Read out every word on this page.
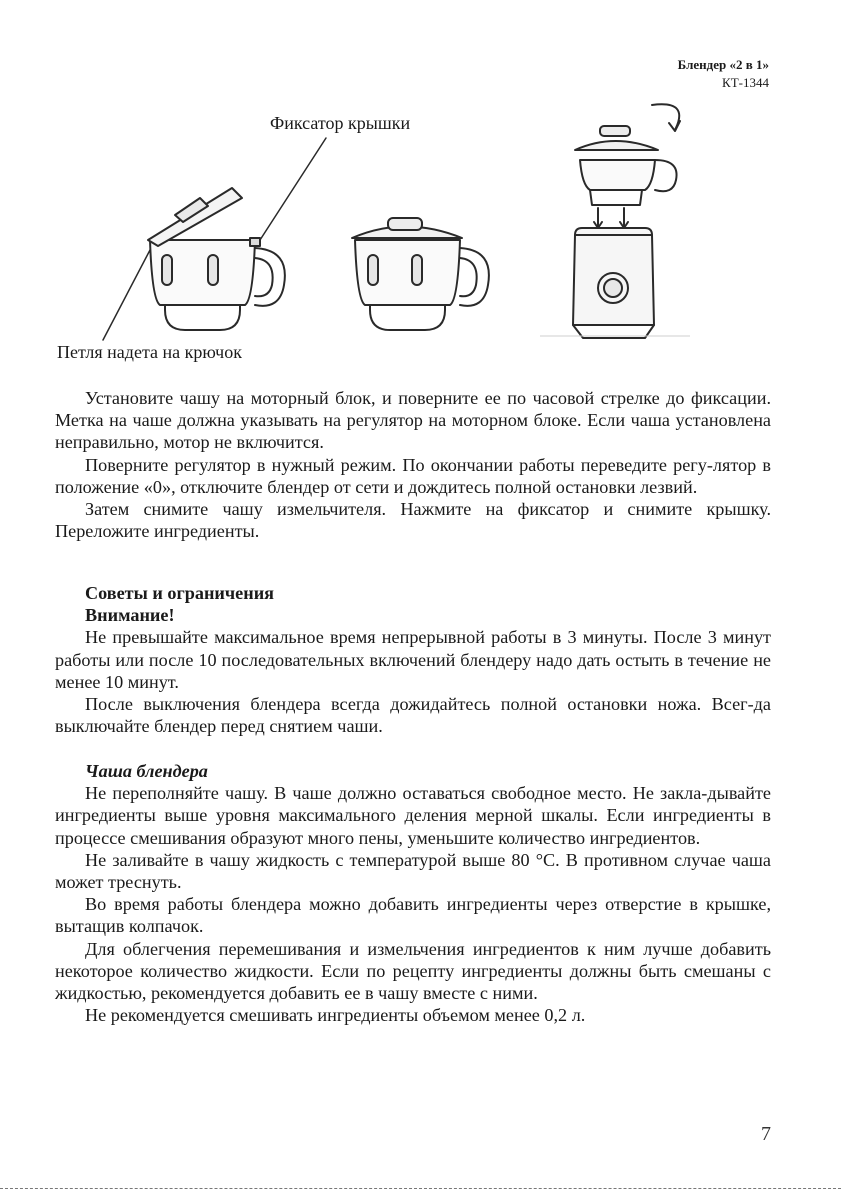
Блендер «2 в 1»
КТ-1344
Фиксатор крышки
Петля надета на крючок

Установите чашу на моторный блок, и поверните ее по часовой стрелке до фиксации. Метка на чаше должна указывать на регулятор на моторном блоке. Если чаша установлена неправильно, мотор не включится.

Поверните регулятор в нужный режим. По окончании работы переведите регу-лятор в положение «0», отключите блендер от сети и дождитесь полной остановки лезвий.

Затем снимите чашу измельчителя. Нажмите на фиксатор и снимите крышку. Переложите ингредиенты.

Советы и ограничения
Внимание!

Не превышайте максимальное время непрерывной работы в 3 минуты. После 3 минут работы или после 10 последовательных включений блендеру надо дать остыть в течение не менее 10 минут.

После выключения блендера всегда дожидайтесь полной остановки ножа. Всег-да выключайте блендер перед снятием чаши.

Чаша блендера

Не переполняйте чашу. В чаше должно оставаться свободное место. Не закла-дывайте ингредиенты выше уровня максимального деления мерной шкалы. Если ингредиенты в процессе смешивания образуют много пены, уменьшите количество ингредиентов.

Не заливайте в чашу жидкость с температурой выше 80 °С. В противном случае чаша может треснуть.

Во время работы блендера можно добавить ингредиенты через отверстие в крышке, вытащив колпачок.

Для облегчения перемешивания и измельчения ингредиентов к ним лучше добавить некоторое количество жидкости. Если по рецепту ингредиенты должны быть смешаны с жидкостью, рекомендуется добавить ее в чашу вместе с ними.

Не рекомендуется смешивать ингредиенты объемом менее 0,2 л.

7
